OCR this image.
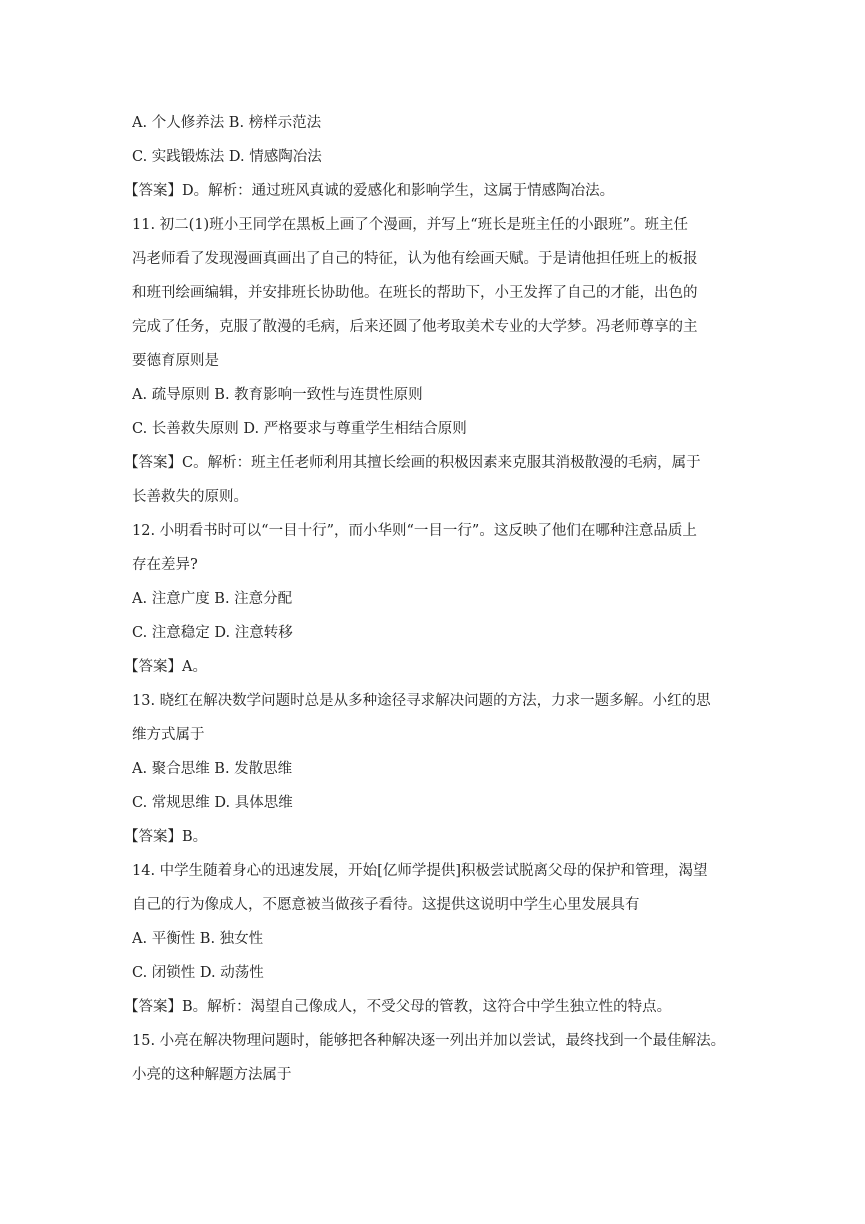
A. 个人修养法 B. 榜样示范法
C. 实践锻炼法 D. 情感陶冶法
【答案】D。解析：通过班风真诚的爱感化和影响学生，这属于情感陶冶法。
11. 初二(1)班小王同学在黑板上画了个漫画，并写上“班长是班主任的小跟班”。班主任
冯老师看了发现漫画真画出了自己的特征，认为他有绘画天赋。于是请他担任班上的板报
和班刊绘画编辑，并安排班长协助他。在班长的帮助下，小王发挥了自己的才能，出色的
完成了任务，克服了散漫的毛病，后来还圆了他考取美术专业的大学梦。冯老师尊享的主
要德育原则是
A. 疏导原则 B. 教育影响一致性与连贯性原则
C. 长善救失原则 D. 严格要求与尊重学生相结合原则
【答案】C。解析：班主任老师利用其擅长绘画的积极因素来克服其消极散漫的毛病，属于
长善救失的原则。
12. 小明看书时可以“一目十行”，而小华则“一目一行”。这反映了他们在哪种注意品质上
存在差异?
A. 注意广度 B. 注意分配
C. 注意稳定 D. 注意转移
【答案】A。
13. 晓红在解决数学问题时总是从多种途径寻求解决问题的方法，力求一题多解。小红的思
维方式属于
A. 聚合思维 B. 发散思维
C. 常规思维 D. 具体思维
【答案】B。
14. 中学生随着身心的迅速发展，开始[亿师学提供]积极尝试脱离父母的保护和管理，渴望
自己的行为像成人，不愿意被当做孩子看待。这提供这说明中学生心里发展具有
A. 平衡性 B. 独女性
C. 闭锁性 D. 动荡性
【答案】B。解析：渴望自己像成人，不受父母的管教，这符合中学生独立性的特点。
15. 小亮在解决物理问题时，能够把各种解决逐一列出并加以尝试，最终找到一个最佳解法。
小亮的这种解题方法属于
